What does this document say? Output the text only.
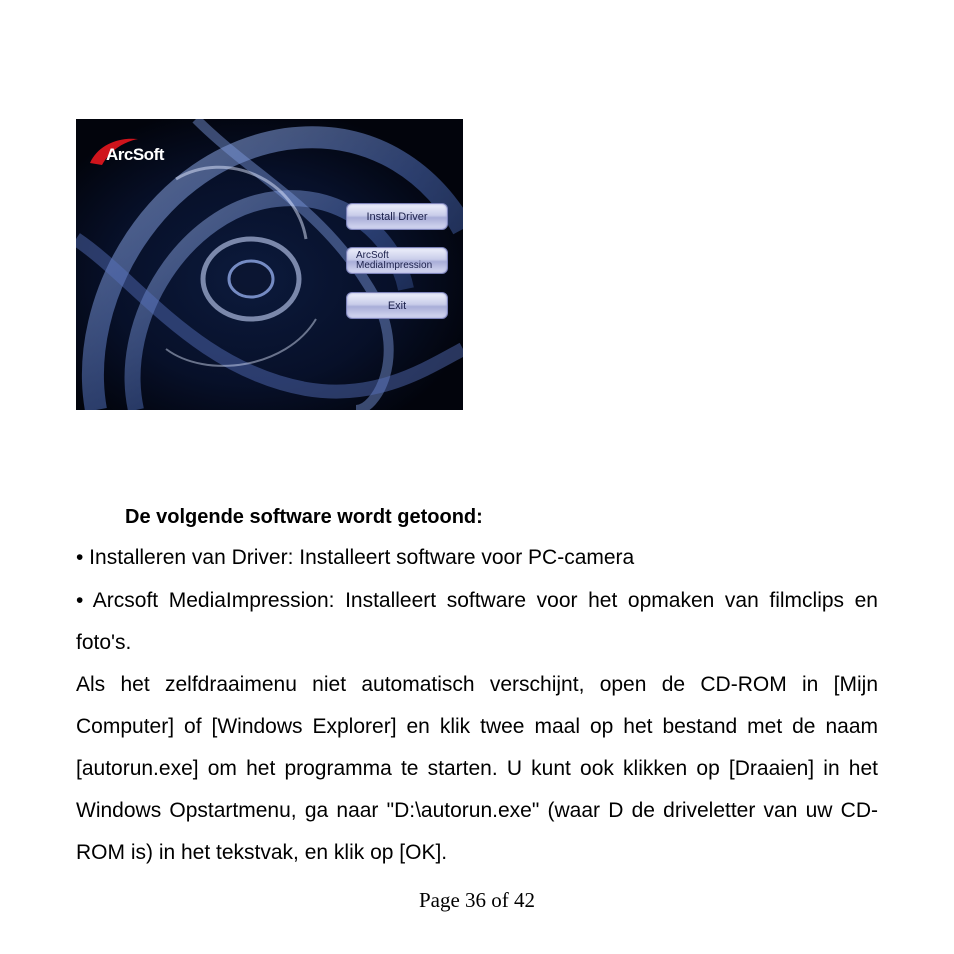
ArcSoft
Install Driver
ArcSoft
MediaImpression
Exit
De volgende software wordt getoond:
• Installeren van Driver: Installeert software voor PC-camera
• Arcsoft MediaImpression: Installeert software voor het opmaken van filmclips en foto's.
Als het zelfdraaimenu niet automatisch verschijnt, open de CD-ROM in [Mijn Computer] of [Windows Explorer] en klik twee maal op het bestand met de naam [autorun.exe] om het programma te starten. U kunt ook klikken op [Draaien] in het Windows Opstartmenu, ga naar "D:\autorun.exe" (waar D de driveletter van uw CD-ROM is) in het tekstvak, en klik op [OK].
Page 36 of 42
